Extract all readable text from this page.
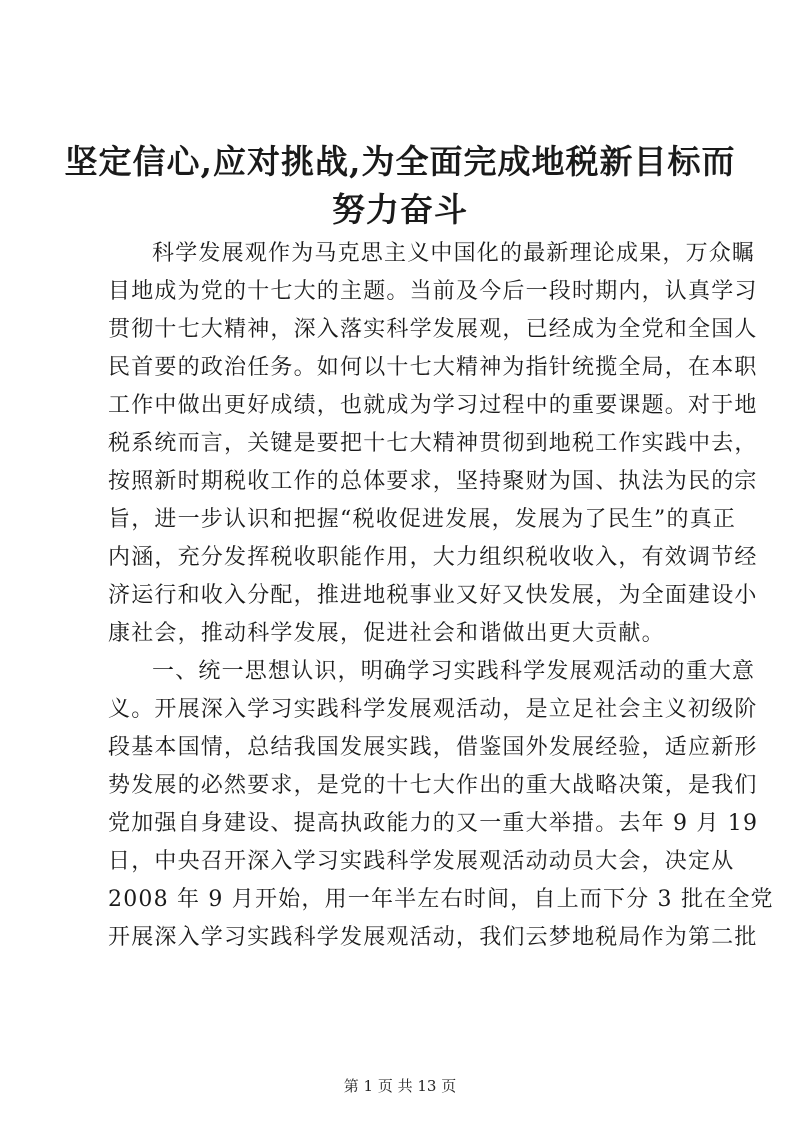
坚定信心,应对挑战,为全面完成地税新目标而
努力奋斗
科学发展观作为马克思主义中国化的最新理论成果，万众瞩
目地成为党的十七大的主题。当前及今后一段时期内，认真学习
贯彻十七大精神，深入落实科学发展观，已经成为全党和全国人
民首要的政治任务。如何以十七大精神为指针统揽全局，在本职
工作中做出更好成绩，也就成为学习过程中的重要课题。对于地
税系统而言，关键是要把十七大精神贯彻到地税工作实践中去，
按照新时期税收工作的总体要求，坚持聚财为国、执法为民的宗
旨，进一步认识和把握“税收促进发展，发展为了民生”的真正
内涵，充分发挥税收职能作用，大力组织税收收入，有效调节经
济运行和收入分配，推进地税事业又好又快发展，为全面建设小
康社会，推动科学发展，促进社会和谐做出更大贡献。
一、统一思想认识，明确学习实践科学发展观活动的重大意
义。开展深入学习实践科学发展观活动，是立足社会主义初级阶
段基本国情，总结我国发展实践，借鉴国外发展经验，适应新形
势发展的必然要求，是党的十七大作出的重大战略决策，是我们
党加强自身建设、提高执政能力的又一重大举措。去年 9 月 19
日，中央召开深入学习实践科学发展观活动动员大会，决定从
2008 年 9 月开始，用一年半左右时间，自上而下分 3 批在全党
开展深入学习实践科学发展观活动，我们云梦地税局作为第二批
第 1 页 共 13 页
